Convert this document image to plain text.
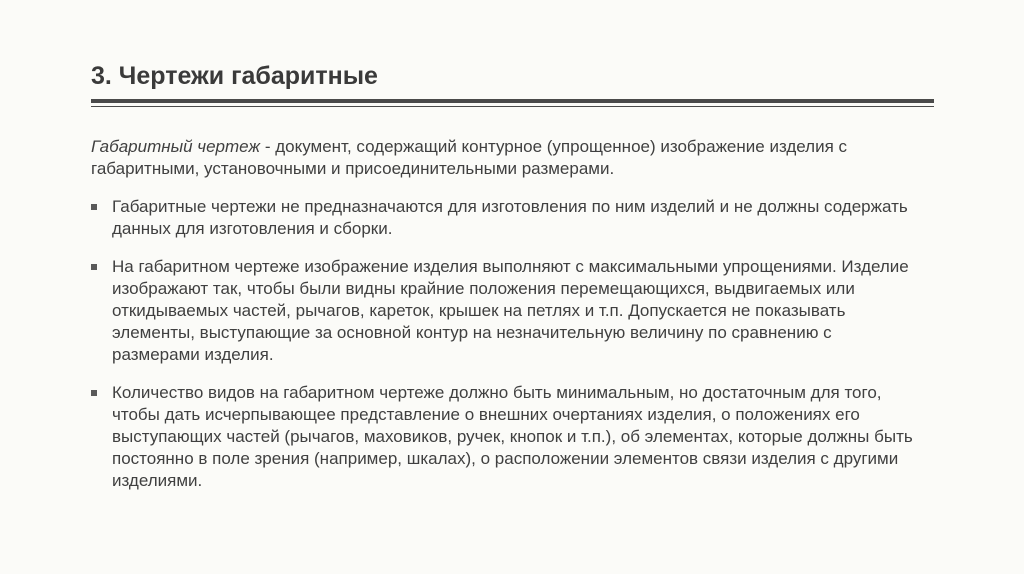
3. Чертежи габаритные

Габаритный чертеж - документ, содержащий контурное (упрощенное) изображение изделия с габаритными, установочными и присоединительными размерами.

Габаритные чертежи не предназначаются для изготовления по ним изделий и не должны содержать данных для изготовления и сборки.
На габаритном чертеже изображение изделия выполняют с максимальными упрощениями. Изделие изображают так, чтобы были видны крайние положения перемещающихся, выдвигаемых или откидываемых частей, рычагов, кареток, крышек на петлях и т.п. Допускается не показывать элементы, выступающие за основной контур на незначительную величину по сравнению с размерами изделия.
Количество видов на габаритном чертеже должно быть минимальным, но достаточным для того, чтобы дать исчерпывающее представление о внешних очертаниях изделия, о положениях его выступающих частей (рычагов, маховиков, ручек, кнопок и т.п.), об элементах, которые должны быть постоянно в поле зрения (например, шкалах), о расположении элементов связи изделия с другими изделиями.
